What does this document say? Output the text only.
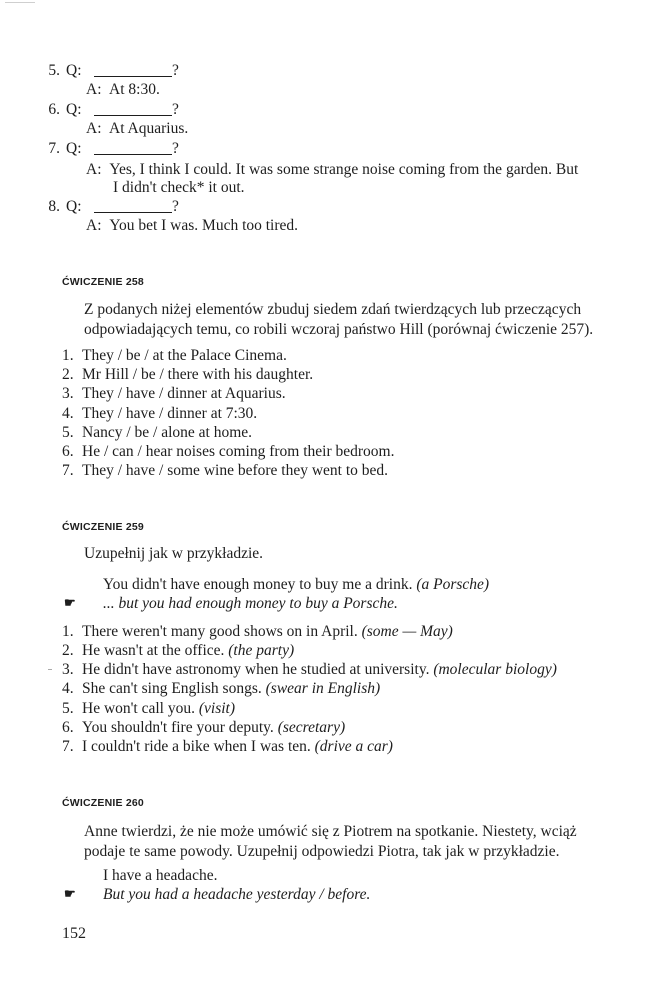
5. Q:	?
A: At 8:30.
6. Q:	?
A: At Aquarius.
7. Q:	?
A: Yes, I think I could. It was some strange noise coming from the garden. But
I didn't check* it out.
8. Q:	?
A: You bet I was. Much too tired.
ĆWICZENIE 258
Z podanych niżej elementów zbuduj siedem zdań twierdzących lub przeczących
odpowiadających temu, co robili wczoraj państwo Hill (porównaj ćwiczenie 257).
1. They / be / at the Palace Cinema.
2. Mr Hill / be / there with his daughter.
3. They / have / dinner at Aquarius.
4. They / have / dinner at 7:30.
5. Nancy / be / alone at home.
6. He / can / hear noises coming from their bedroom.
7. They / have / some wine before they went to bed.
ĆWICZENIE 259
Uzupełnij jak w przykładzie.
You didn't have enough money to buy me a drink. (a Porsche)
☛ ... but you had enough money to buy a Porsche.
1. There weren't many good shows on in April. (some — May)
2. He wasn't at the office. (the party)
3. He didn't have astronomy when he studied at university. (molecular biology)
4. She can't sing English songs. (swear in English)
5. He won't call you. (visit)
6. You shouldn't fire your deputy. (secretary)
7. I couldn't ride a bike when I was ten. (drive a car)
ĆWICZENIE 260
Anne twierdzi, że nie może umówić się z Piotrem na spotkanie. Niestety, wciąż
podaje te same powody. Uzupełnij odpowiedzi Piotra, tak jak w przykładzie.
I have a headache.
☛ But you had a headache yesterday / before.
152
